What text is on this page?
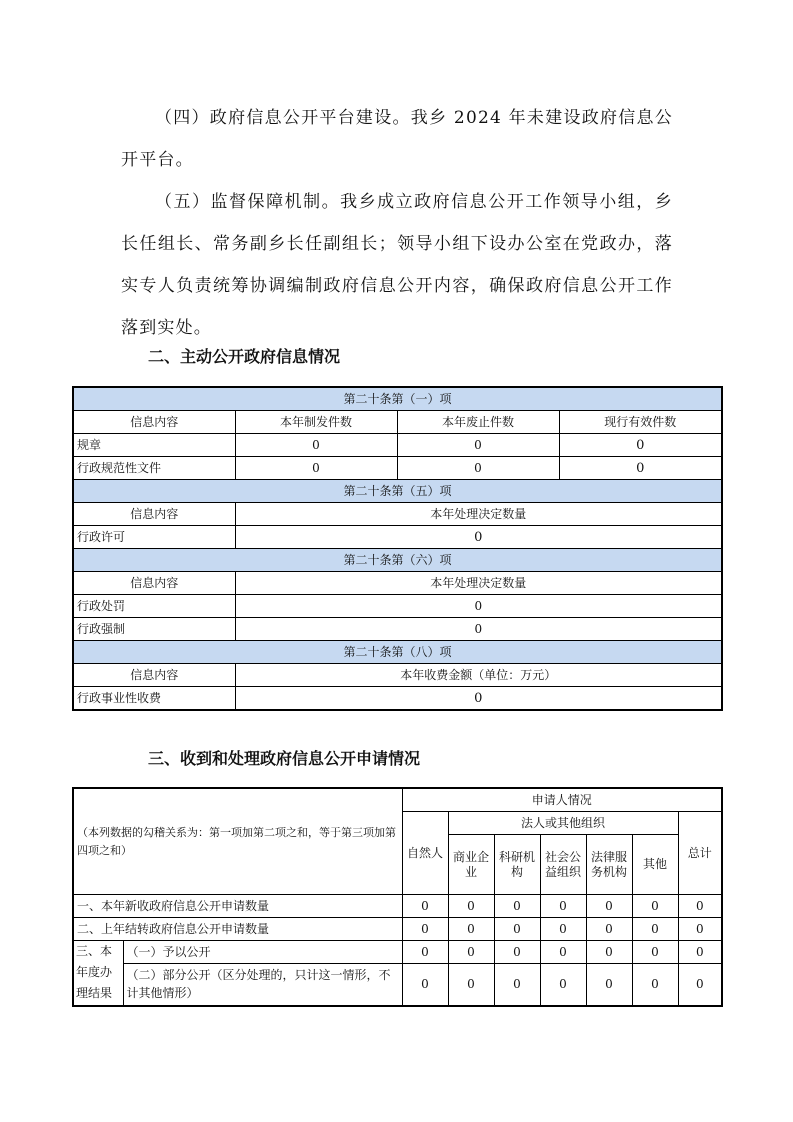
（四）政府信息公开平台建设。我乡 2024 年未建设政府信息公开平台。

（五）监督保障机制。我乡成立政府信息公开工作领导小组，乡长任组长、常务副乡长任副组长；领导小组下设办公室在党政办，落实专人负责统筹协调编制政府信息公开内容，确保政府信息公开工作落到实处。

二、主动公开政府信息情况
第二十条第（一）项			
信息内容	本年制发件数	本年废止件数	现行有效件数
规章	0	0	0
行政规范性文件	0	0	0
第二十条第（五）项			
信息内容	本年处理决定数量		
行政许可	0		
第二十条第（六）项			
信息内容	本年处理决定数量		
行政处罚	0		
行政强制	0		
第二十条第（八）项			
信息内容	本年收费金额（单位：万元）		
行政事业性收费	0		
三、收到和处理政府信息公开申请情况
（本列数据的勾稽关系为：第一项加第二项之和，等于第三项加第四项之和）		申请人情况						
		自然人	法人或其他组织					总计
			商业企业	科研机构	社会公益组织	法律服务机构	其他	
一、本年新收政府信息公开申请数量		0	0	0	0	0	0	0
二、上年结转政府信息公开申请数量		0	0	0	0	0	0	0
三、本年度办理结果	（一）予以公开	0	0	0	0	0	0	0
	（二）部分公开（区分处理的，只计这一情形，不计其他情形）	0	0	0	0	0	0	0
